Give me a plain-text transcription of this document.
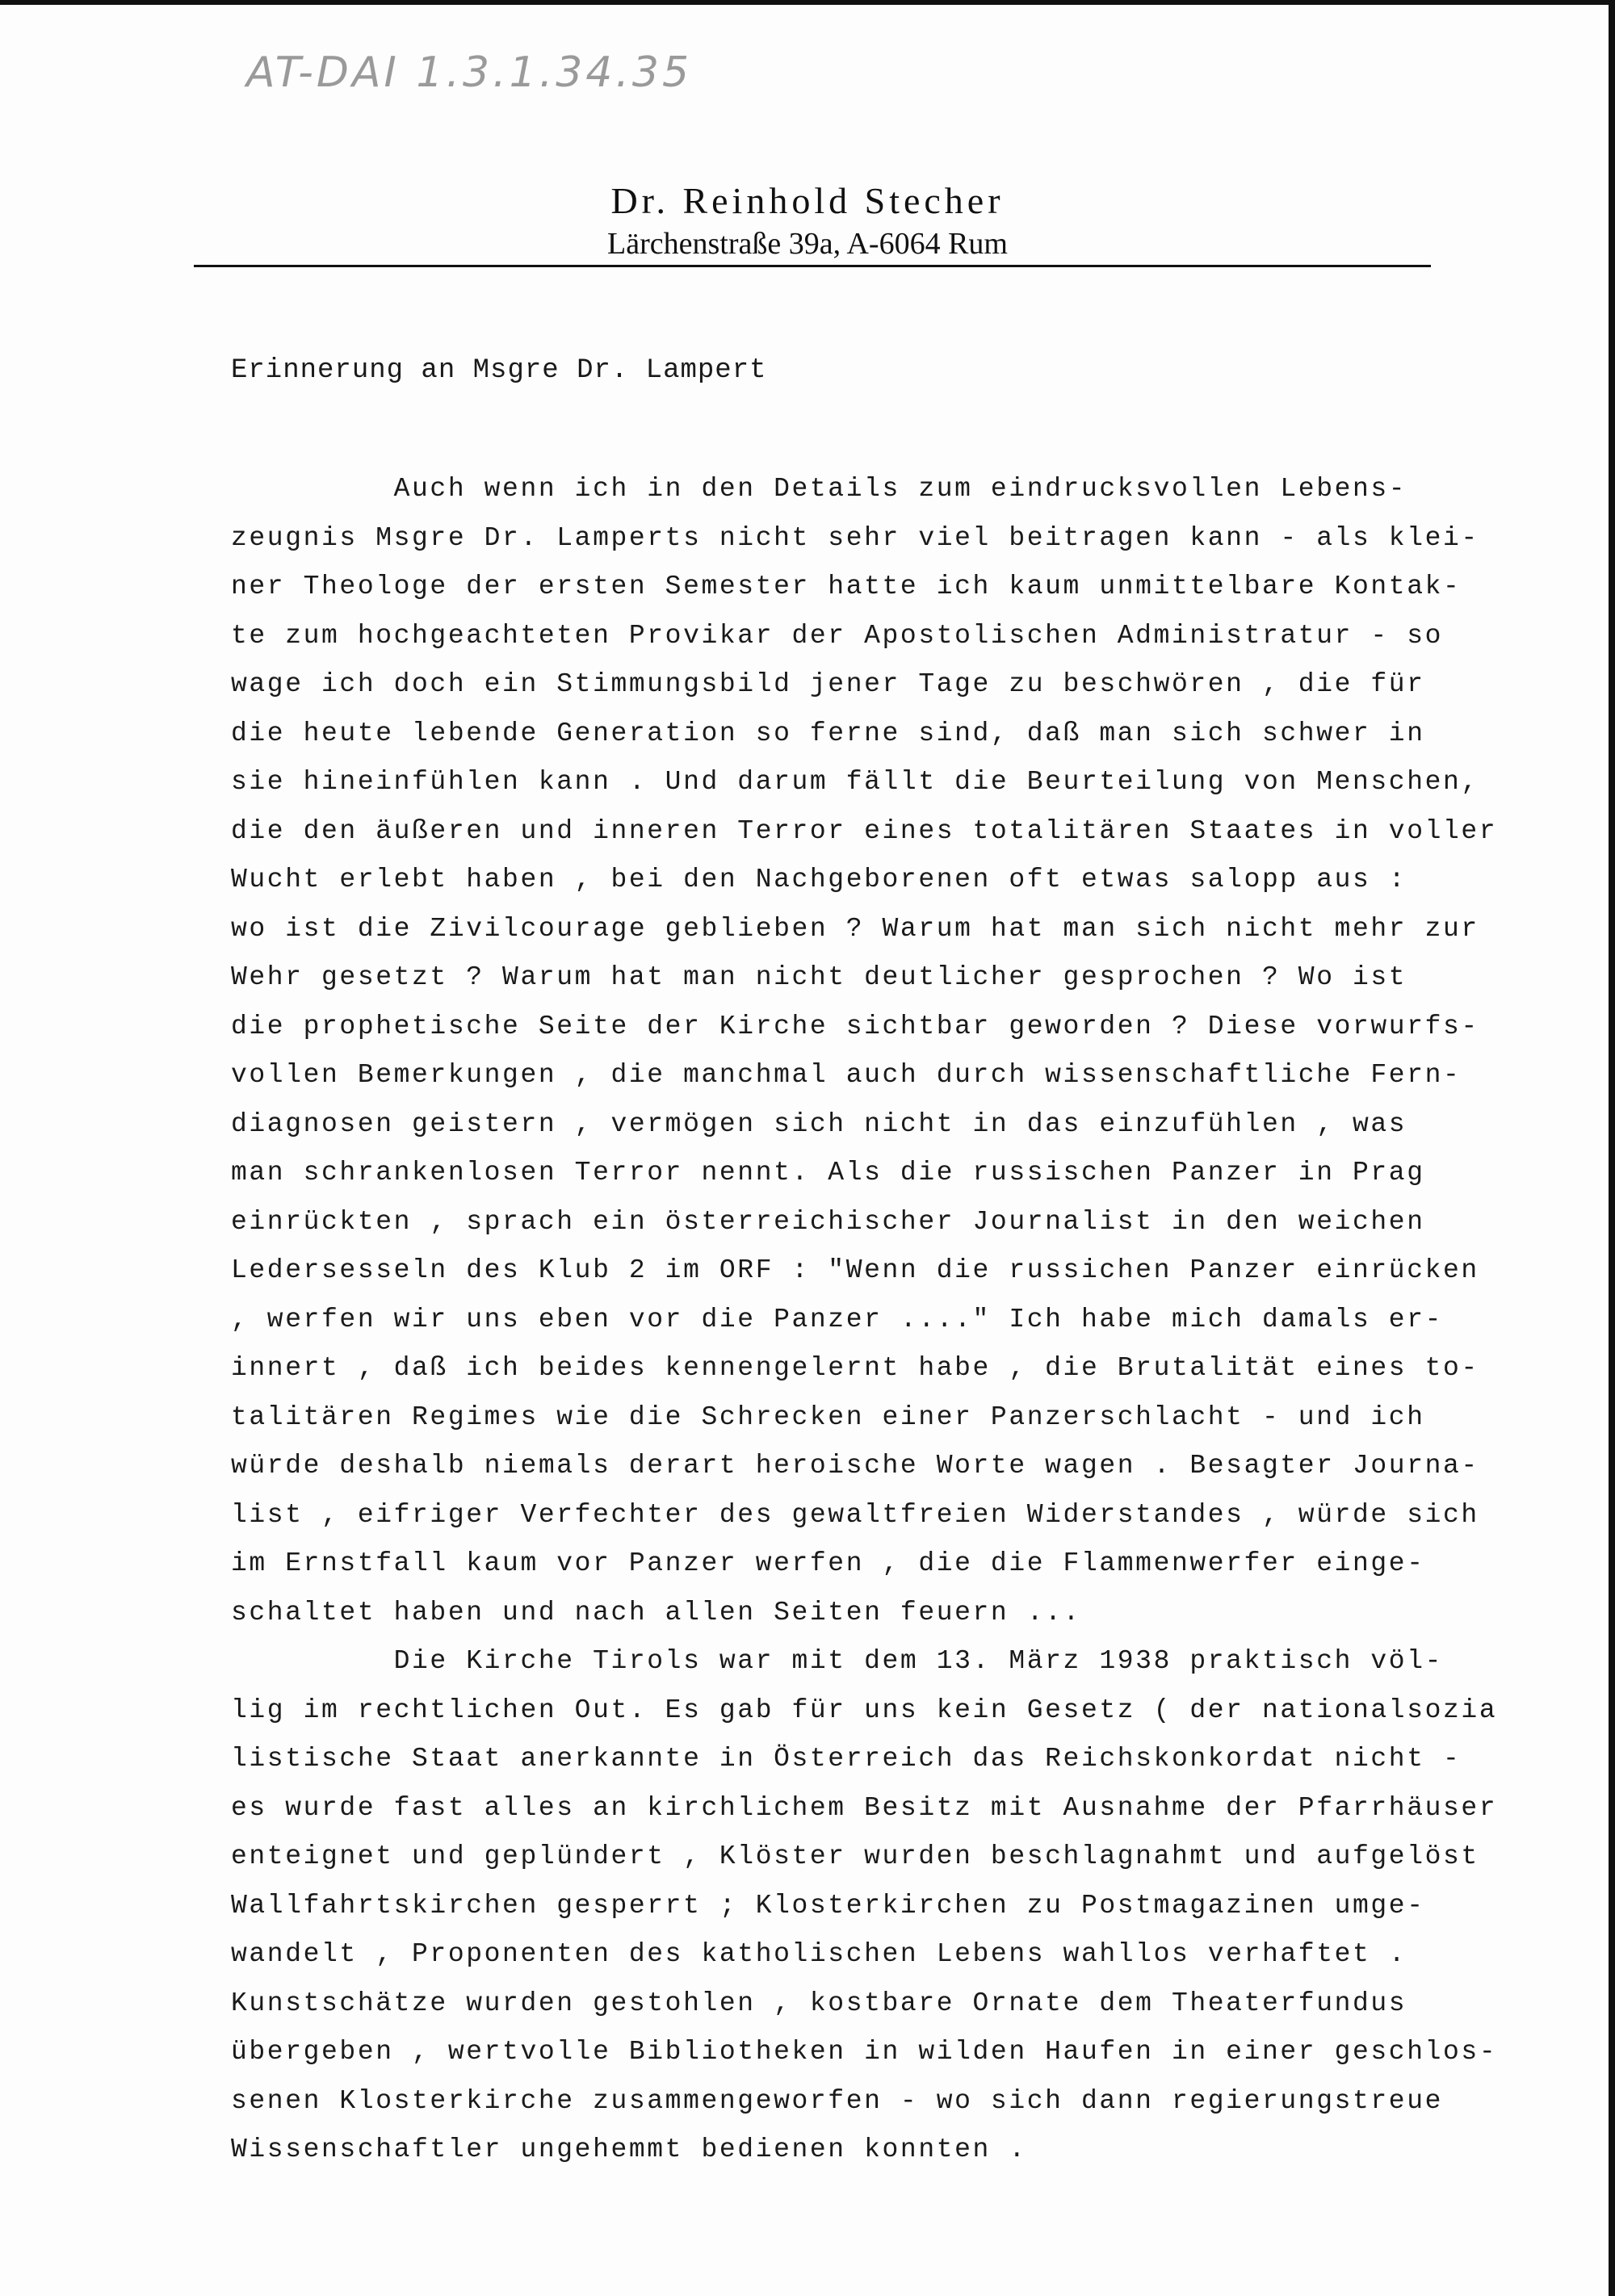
AT-DAI 1.3.1.34.35
Dr. Reinhold Stecher
Lärchenstraße 39a, A-6064 Rum
Erinnerung an Msgre Dr. Lampert
Auch wenn ich in den Details zum eindrucksvollen Lebens-
zeugnis Msgre Dr. Lamperts nicht sehr viel beitragen kann - als klei-
ner Theologe der ersten Semester hatte ich kaum unmittelbare Kontak-
te zum hochgeachteten Provikar der Apostolischen Administratur - so
wage ich doch ein Stimmungsbild jener Tage zu beschwören , die für
die heute lebende Generation so ferne sind, daß man sich schwer in
sie hineinfühlen kann . Und darum fällt die Beurteilung von Menschen,
die den äußeren und inneren Terror eines totalitären Staates in voller
Wucht erlebt haben , bei den Nachgeborenen oft etwas salopp aus :
wo ist die Zivilcourage geblieben ? Warum hat man sich nicht mehr zur
Wehr gesetzt ? Warum hat man nicht deutlicher gesprochen ? Wo ist
die prophetische Seite der Kirche sichtbar geworden ? Diese vorwurfs-
vollen Bemerkungen , die manchmal auch durch wissenschaftliche Fern-
diagnosen geistern , vermögen sich nicht in das einzufühlen , was
man schrankenlosen Terror nennt. Als die russischen Panzer in Prag
einrückten , sprach ein österreichischer Journalist in den weichen
Ledersesseln des Klub 2 im ORF : "Wenn die russichen Panzer einrücken
, werfen wir uns eben vor die Panzer ...." Ich habe mich damals er-
innert , daß ich beides kennengelernt habe , die Brutalität eines to-
talitären Regimes wie die Schrecken einer Panzerschlacht - und ich
würde deshalb niemals derart heroische Worte wagen . Besagter Journa-
list , eifriger Verfechter des gewaltfreien Widerstandes , würde sich
im Ernstfall kaum vor Panzer werfen , die die Flammenwerfer einge-
schaltet haben und nach allen Seiten feuern ...
Die Kirche Tirols war mit dem 13. März 1938 praktisch völ-
lig im rechtlichen Out. Es gab für uns kein Gesetz ( der nationalsozia
listische Staat anerkannte in Österreich das Reichskonkordat nicht -
es wurde fast alles an kirchlichem Besitz mit Ausnahme der Pfarrhäuser
enteignet und geplündert , Klöster wurden beschlagnahmt und aufgelöst
Wallfahrtskirchen gesperrt ; Klosterkirchen zu Postmagazinen umge-
wandelt , Proponenten des katholischen Lebens wahllos verhaftet .
Kunstschätze wurden gestohlen , kostbare Ornate dem Theaterfundus
übergeben , wertvolle Bibliotheken in wilden Haufen in einer geschlos-
senen Klosterkirche zusammengeworfen - wo sich dann regierungstreue
Wissenschaftler ungehemmt bedienen konnten .
